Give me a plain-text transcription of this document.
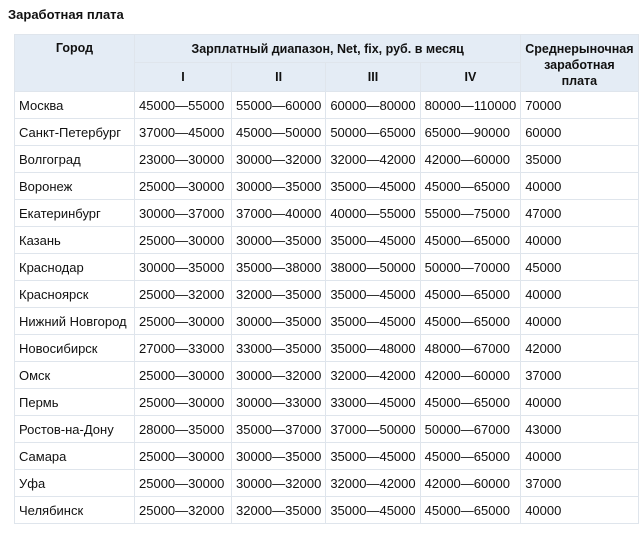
Заработная плата
Город	Зарплатный диапазон, Net, fix, руб. в месяц				Среднерыночная заработная плата
	I	II	III	IV	
Москва	45000—55000	55000—60000	60000—80000	80000—110000	70000
Санкт-Петербург	37000—45000	45000—50000	50000—65000	65000—90000	60000
Волгоград	23000—30000	30000—32000	32000—42000	42000—60000	35000
Воронеж	25000—30000	30000—35000	35000—45000	45000—65000	40000
Екатеринбург	30000—37000	37000—40000	40000—55000	55000—75000	47000
Казань	25000—30000	30000—35000	35000—45000	45000—65000	40000
Краснодар	30000—35000	35000—38000	38000—50000	50000—70000	45000
Красноярск	25000—32000	32000—35000	35000—45000	45000—65000	40000
Нижний Новгород	25000—30000	30000—35000	35000—45000	45000—65000	40000
Новосибирск	27000—33000	33000—35000	35000—48000	48000—67000	42000
Омск	25000—30000	30000—32000	32000—42000	42000—60000	37000
Пермь	25000—30000	30000—33000	33000—45000	45000—65000	40000
Ростов-на-Дону	28000—35000	35000—37000	37000—50000	50000—67000	43000
Самара	25000—30000	30000—35000	35000—45000	45000—65000	40000
Уфа	25000—30000	30000—32000	32000—42000	42000—60000	37000
Челябинск	25000—32000	32000—35000	35000—45000	45000—65000	40000
